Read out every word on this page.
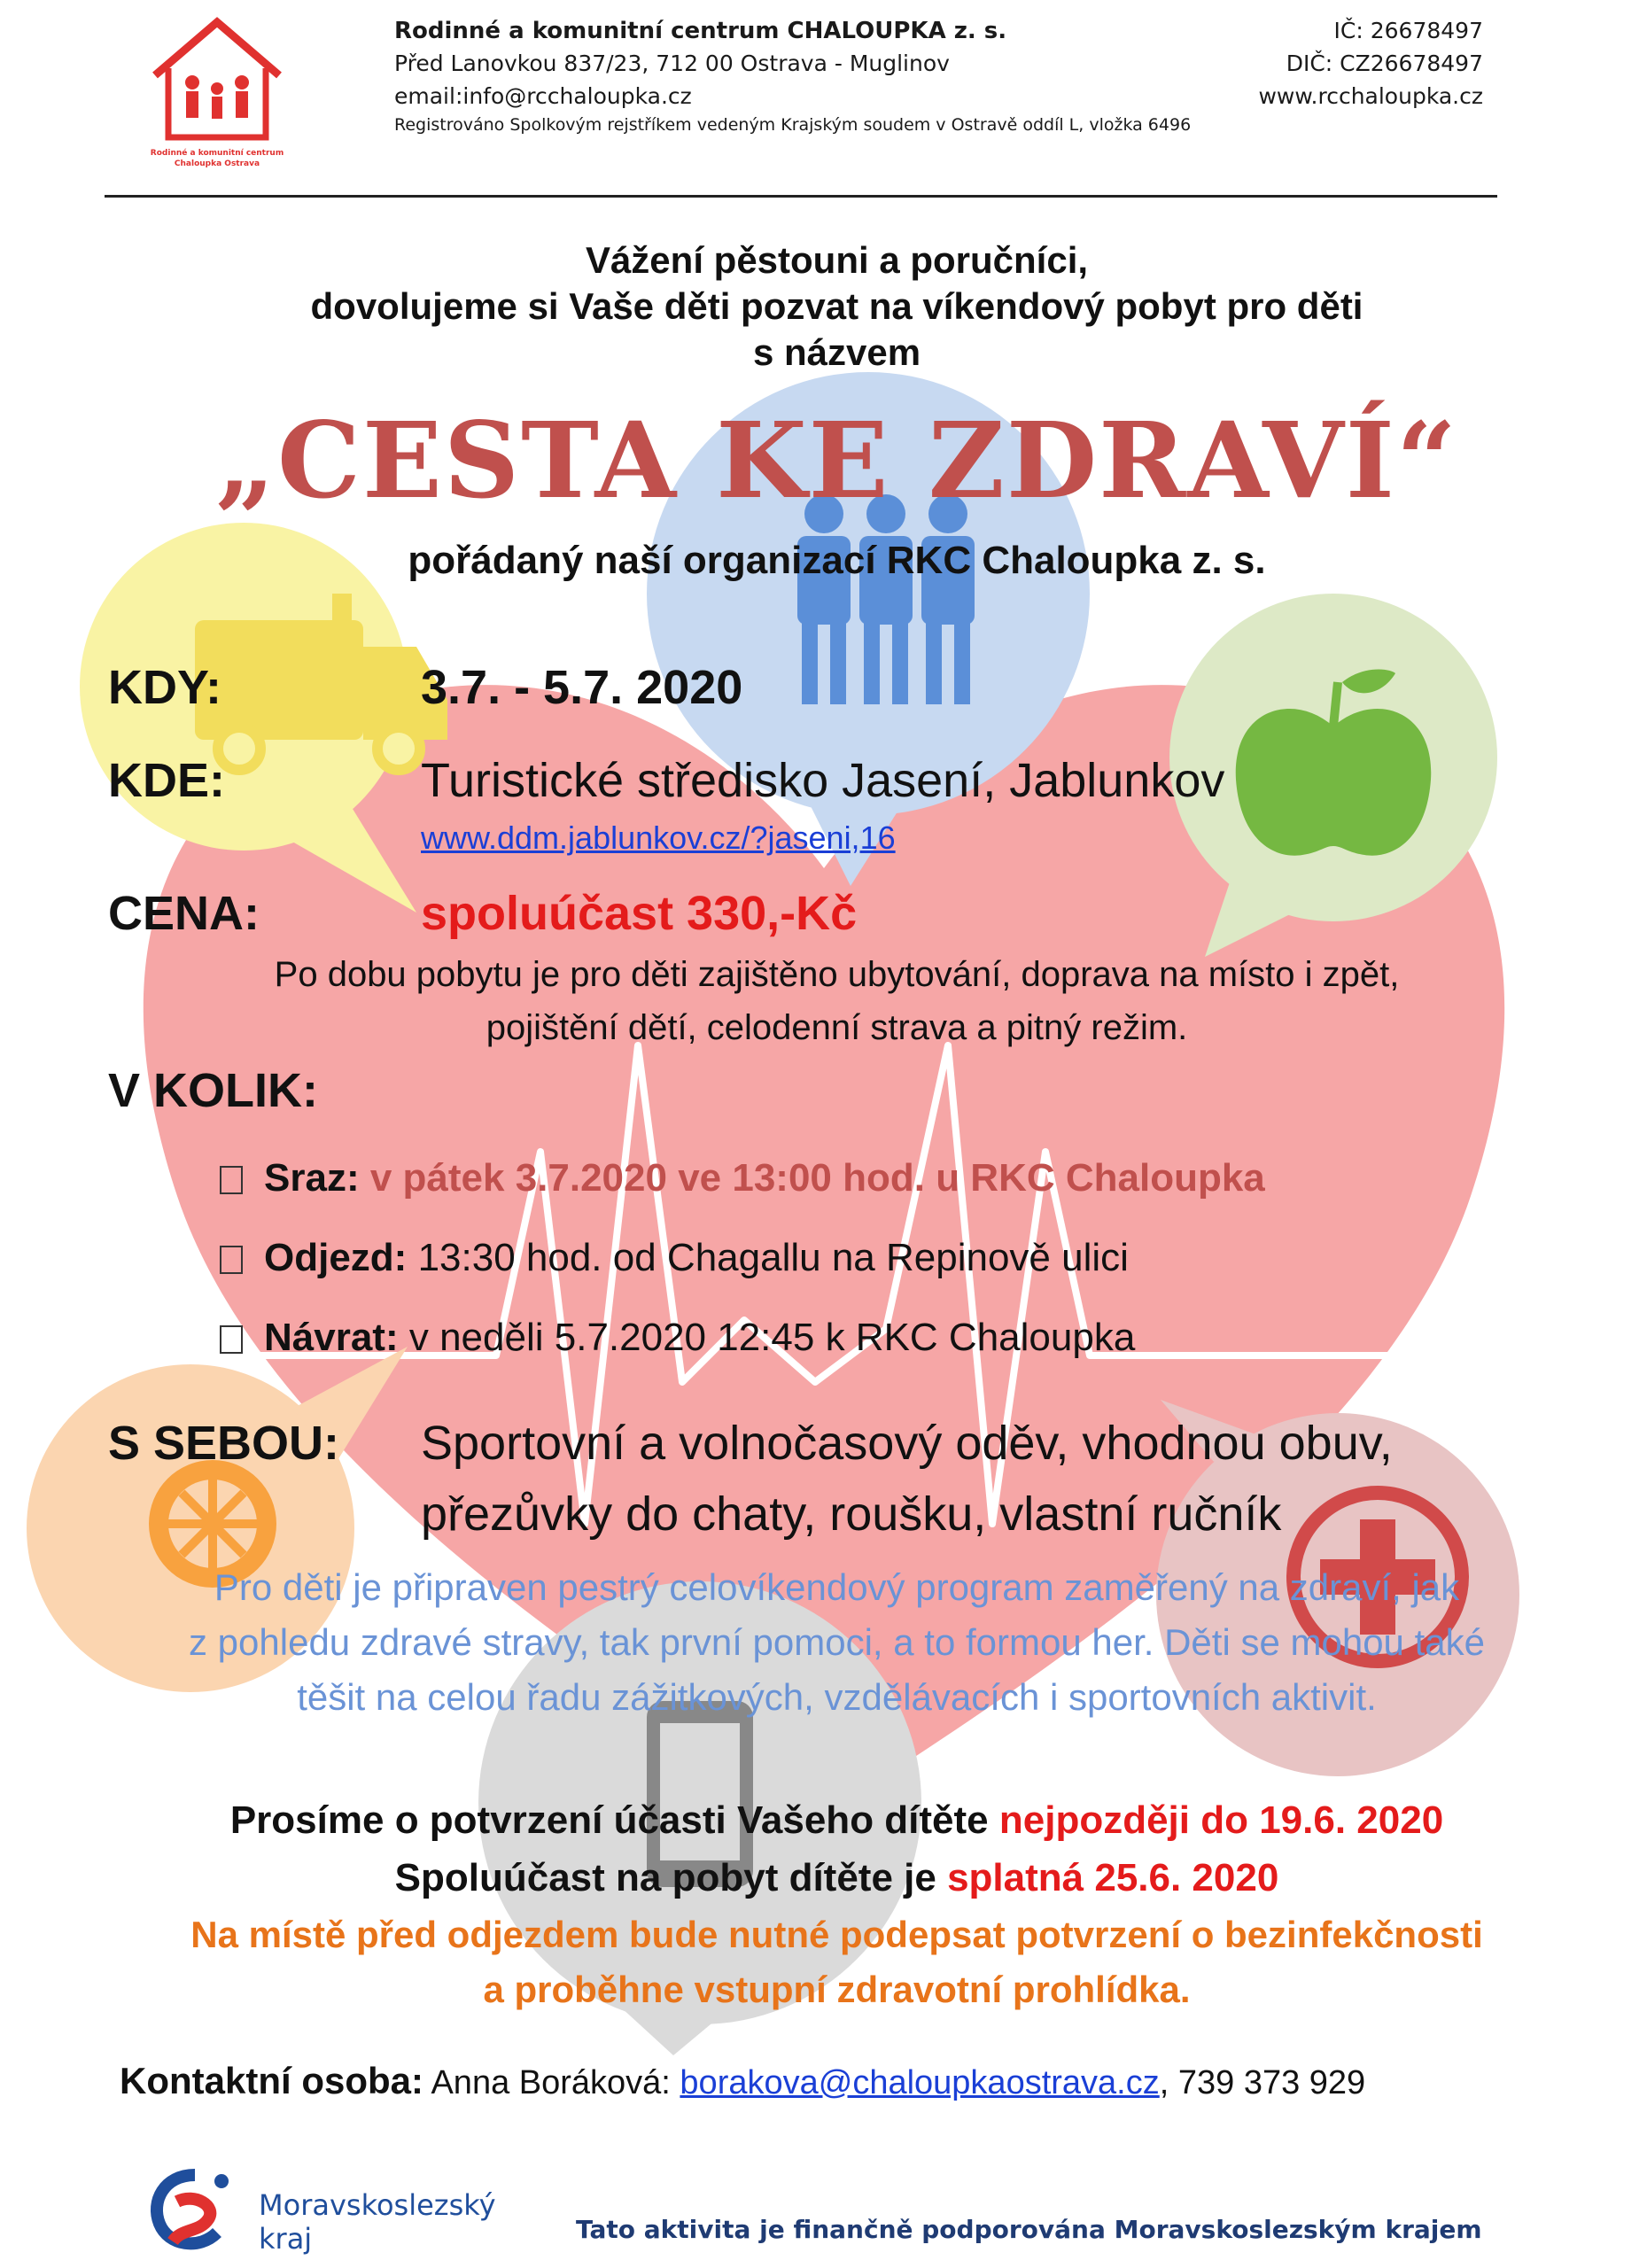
Rodinné a komunitní centrum
Chaloupka Ostrava
Rodinné a komunitní centrum CHALOUPKA z. s.
Před Lanovkou 837/23, 712 00 Ostrava - Muglinov
email:info@rcchaloupka.cz
Registrováno Spolkovým rejstříkem vedeným Krajským soudem v Ostravě oddíl L, vložka 6496
IČ: 26678497
DIČ: CZ26678497
www.rcchaloupka.cz
Vážení pěstouni a poručníci,
dovolujeme si Vaše děti pozvat na víkendový pobyt pro děti
s názvem
„CESTA KE ZDRAVÍ“
pořádaný naší organizací RKC Chaloupka z. s.
KDY:	3.7. - 5.7. 2020
KDE:	Turistické středisko Jasení, Jablunkov
www.ddm.jablunkov.cz/?jaseni,16
CENA:	spoluúčast 330,-Kč
Po dobu pobytu je pro děti zajištěno ubytování, doprava na místo i zpět,
pojištění dětí, celodenní strava a pitný režim.
V KOLIK:
Sraz: v pátek 3.7.2020 ve 13:00 hod. u RKC Chaloupka
Odjezd: 13:30 hod. od Chagallu na Repinově ulici
Návrat: v neděli 5.7.2020 12:45 k RKC Chaloupka
S SEBOU: Sportovní a volnočasový oděv, vhodnou obuv,
přezůvky do chaty, roušku, vlastní ručník
Pro děti je připraven pestrý celovíkendový program zaměřený na zdraví, jak
z pohledu zdravé stravy, tak první pomoci, a to formou her. Děti se mohou také
těšit na celou řadu zážitkových, vzdělávacích i sportovních aktivit.
Prosíme o potvrzení účasti Vašeho dítěte nejpozději do 19.6. 2020
Spoluúčast na pobyt dítěte je splatná 25.6. 2020
Na místě před odjezdem bude nutné podepsat potvrzení o bezinfekčnosti
a proběhne vstupní zdravotní prohlídka.
Kontaktní osoba: Anna Boráková: borakova@chaloupkaostrava.cz, 739 373 929
Moravskoslezský
kraj	Tato aktivita je finančně podporována Moravskoslezským krajem
